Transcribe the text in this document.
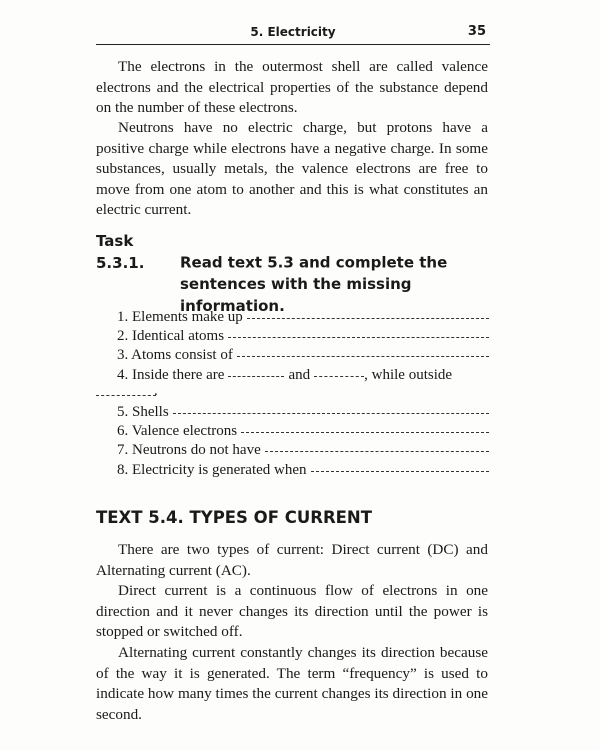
5. Electricity	35

The electrons in the outermost shell are called valence electrons and the electrical properties of the substance depend on the number of these electrons.

Neutrons have no electric charge, but protons have a positive charge while electrons have a negative charge. In some substances, usually metals, the valence electrons are free to move from one atom to another and this is what constitutes an electric current.

Task 5.3.1. Read text 5.3 and complete the
sentences with the missing
information.
1. Elements make up
2. Identical atoms
3. Atoms consist of
4. Inside there are	and	, while outside
.
5. Shells
6. Valence electrons
7. Neutrons do not have
8. Electricity is generated when
TEXT 5.4. TYPES OF CURRENT

There are two types of current: Direct current (DC) and Alternating current (AC).

Direct current is a continuous flow of electrons in one direction and it never changes its direction until the power is stopped or switched off.

Alternating current constantly changes its direction because of the way it is generated. The term “frequency” is used to indicate how many times the current changes its direction in one second.
